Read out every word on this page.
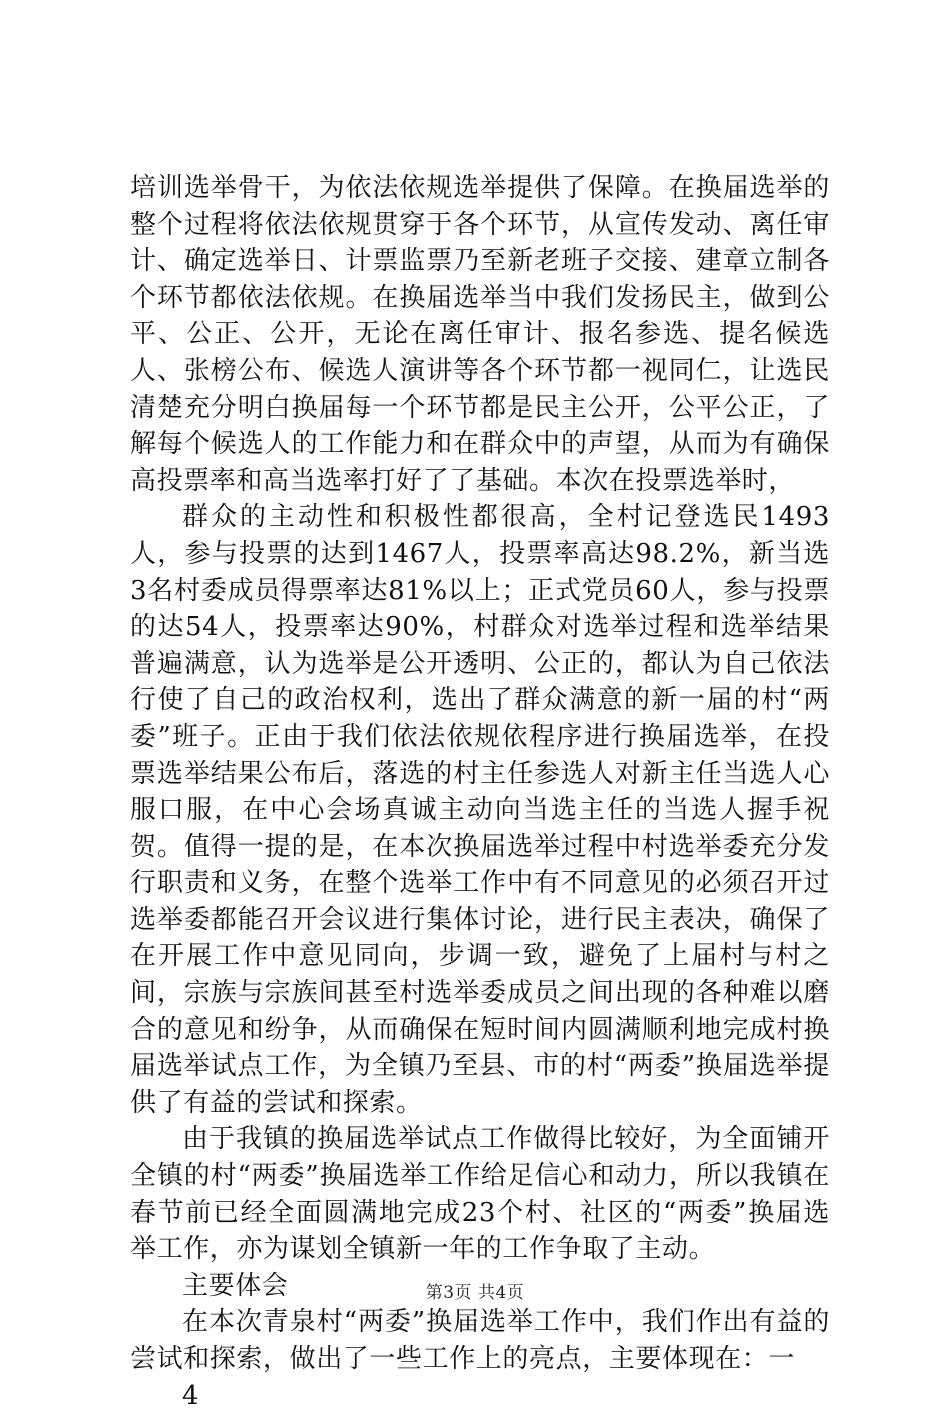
培训选举骨干，为依法依规选举提供了保障。在换届选举的整个过程将依法依规贯穿于各个环节，从宣传发动、离任审计、确定选举日、计票监票乃至新老班子交接、建章立制各个环节都依法依规。在换届选举当中我们发扬民主，做到公平、公正、公开，无论在离任审计、报名参选、提名候选人、张榜公布、候选人演讲等各个环节都一视同仁，让选民清楚充分明白换届每一个环节都是民主公开，公平公正，了解每个候选人的工作能力和在群众中的声望，从而为有确保高投票率和高当选率打好了了基础。本次在投票选举时，

群众的主动性和积极性都很高，全村记登选民1493人，参与投票的达到1467人，投票率高达98.2%，新当选3名村委成员得票率达81%以上；正式党员60人，参与投票的达54人，投票率达90%，村群众对选举过程和选举结果普遍满意，认为选举是公开透明、公正的，都认为自己依法行使了自己的政治权利，选出了群众满意的新一届的村“两委”班子。正由于我们依法依规依程序进行换届选举，在投票选举结果公布后，落选的村主任参选人对新主任当选人心服口服，在中心会场真诚主动向当选主任的当选人握手祝贺。值得一提的是，在本次换届选举过程中村选举委充分发行职责和义务，在整个选举工作中有不同意见的必须召开过选举委都能召开会议进行集体讨论，进行民主表决，确保了在开展工作中意见同向，步调一致，避免了上届村与村之间，宗族与宗族间甚至村选举委成员之间出现的各种难以磨合的意见和纷争，从而确保在短时间内圆满顺利地完成村换届选举试点工作，为全镇乃至县、市的村“两委”换届选举提供了有益的尝试和探索。

由于我镇的换届选举试点工作做得比较好，为全面铺开全镇的村“两委”换届选举工作给足信心和动力，所以我镇在春节前已经全面圆满地完成23个村、社区的“两委”换届选举工作，亦为谋划全镇新一年的工作争取了主动。

主要体会

在本次青泉村“两委”换届选举工作中，我们作出有益的尝试和探索，做出了一些工作上的亮点，主要体现在：一

4

第3页 共4页
